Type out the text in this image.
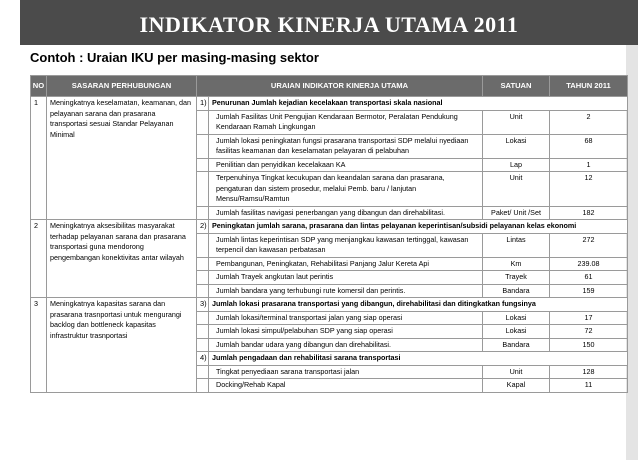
INDIKATOR KINERJA UTAMA 2011
Contoh : Uraian IKU per masing-masing sektor
NO	SASARAN PERHUBUNGAN	URAIAN INDIKATOR KINERJA UTAMA		SATUAN	TAHUN 2011
1	Meningkatnya keselamatan, keamanan, dan pelayanan sarana dan prasarana transportasi sesuai Standar Pelayanan Minimal	1)	Penurunan Jumlah kejadian kecelakaan transportasi skala nasional		
			Jumlah Fasilitas Unit Pengujian Kendaraan Bermotor, Peralatan Pendukung Kendaraan Ramah Lingkungan	Unit	2
			Jumlah lokasi peningkatan fungsi prasarana transportasi SDP melalui nyediaan fasilitas keamanan dan keselamatan pelayaran di pelabuhan	Lokasi	68
			Penilitian dan penyidikan kecelakaan KA	Lap	1
			Terpenuhinya Tingkat kecukupan dan keandalan sarana dan prasarana, pengaturan dan sistem prosedur, melalui Pemb. baru / lanjutan Mensu/Ramsu/Ramtun	Unit	12
			Jumlah fasilitas navigasi penerbangan yang dibangun dan direhabilitasi.	Paket/ Unit /Set	182
2	Meningkatnya aksesibilitas masyarakat terhadap pelayanan sarana dan prasarana transportasi guna mendorong pengembangan konektivitas antar wilayah	2)	Peningkatan jumlah sarana, prasarana dan lintas pelayanan keperintisan/subsidi pelayanan kelas ekonomi		
			Jumlah lintas keperintisan SDP yang menjangkau kawasan tertinggal, kawasan terpencil dan kawasan perbatasan	Lintas	272
			Pembangunan, Peningkatan, Rehabilitasi Panjang Jalur Kereta Api	Km	239.08
			Jumlah Trayek angkutan laut perintis	Trayek	61
			Jumlah bandara yang terhubungi rute komersil dan perintis.	Bandara	159
3	Meningkatnya kapasitas sarana dan prasarana trasnportasi untuk mengurangi backlog dan bottleneck kapasitas infrastruktur trasnportasi	3)	Jumlah lokasi prasarana transportasi yang dibangun, direhabilitasi dan ditingkatkan fungsinya		
			Jumlah lokasi/terminal transportasi jalan yang siap operasi	Lokasi	17
			Jumlah lokasi simpul/pelabuhan SDP yang siap operasi	Lokasi	72
			Jumlah bandar udara yang dibangun dan direhabilitasi.	Bandara	150
		4)	Jumlah pengadaan dan rehabilitasi sarana transportasi		
			Tingkat penyediaan sarana transportasi jalan	Unit	128
			Docking/Rehab Kapal	Kapal	11
